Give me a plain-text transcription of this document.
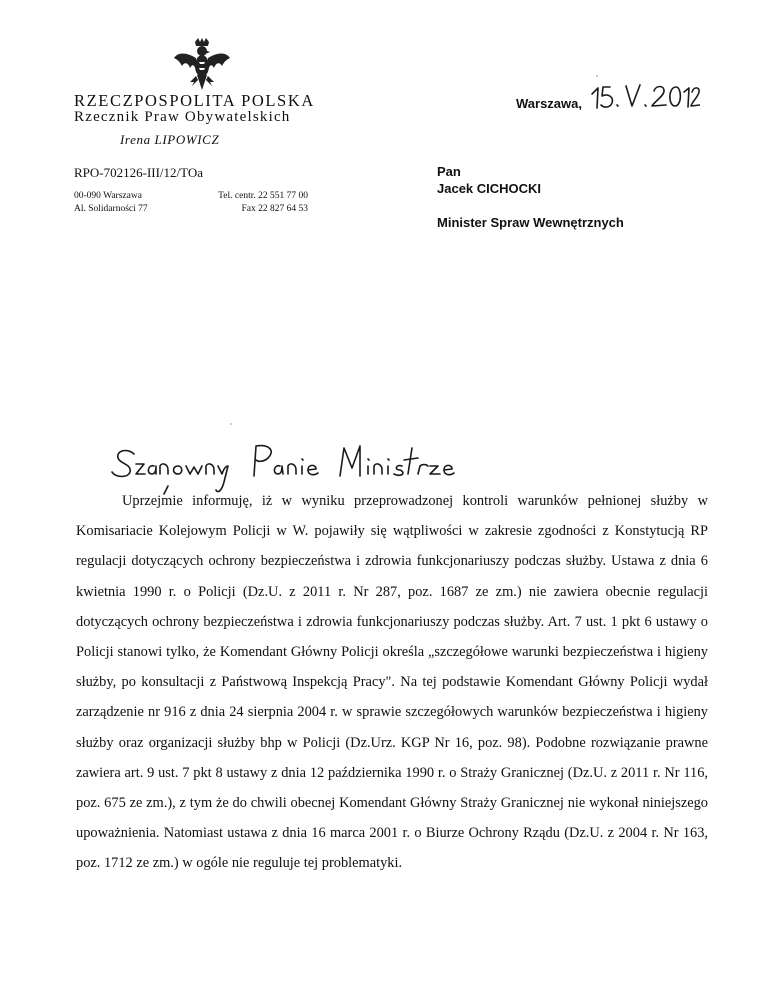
RZECZPOSPOLITA POLSKA
Rzecznik Praw Obywatelskich
Irena LIPOWICZ
RPO-702126-III/12/TOa
00-090 Warszawa
Al. Solidarności 77
Tel. centr. 22 551 77 00
Fax 22 827 64 53
Warszawa,
Pan
Jacek CICHOCKI
Minister Spraw Wewnętrznych

Uprzejmie informuję, iż w wyniku przeprowadzonej kontroli warunków pełnionej służby w Komisariacie Kolejowym Policji w W. pojawiły się wątpliwości w zakresie zgodności z Konstytucją RP regulacji dotyczących ochrony bezpieczeństwa i zdrowia funkcjonariuszy podczas służby. Ustawa z dnia 6 kwietnia 1990 r. o Policji (Dz.U. z 2011 r. Nr 287, poz. 1687 ze zm.) nie zawiera obecnie regulacji dotyczących ochrony bezpieczeństwa i zdrowia funkcjonariuszy podczas służby. Art. 7 ust. 1 pkt 6 ustawy o Policji stanowi tylko, że Komendant Główny Policji określa „szczegółowe warunki bezpieczeństwa i higieny służby, po konsultacji z Państwową Inspekcją Pracy". Na tej podstawie Komendant Główny Policji wydał zarządzenie nr 916 z dnia 24 sierpnia 2004 r. w sprawie szczegółowych warunków bezpieczeństwa i higieny służby oraz organizacji służby bhp w Policji (Dz.Urz. KGP Nr 16, poz. 98). Podobne rozwiązanie prawne zawiera art. 9 ust. 7 pkt 8 ustawy z dnia 12 października 1990 r. o Straży Granicznej (Dz.U. z 2011 r. Nr 116, poz. 675 ze zm.), z tym że do chwili obecnej Komendant Główny Straży Granicznej nie wykonał niniejszego upoważnienia. Natomiast ustawa z dnia 16 marca 2001 r. o Biurze Ochrony Rządu (Dz.U. z 2004 r. Nr 163, poz. 1712 ze zm.) w ogóle nie reguluje tej problematyki.
